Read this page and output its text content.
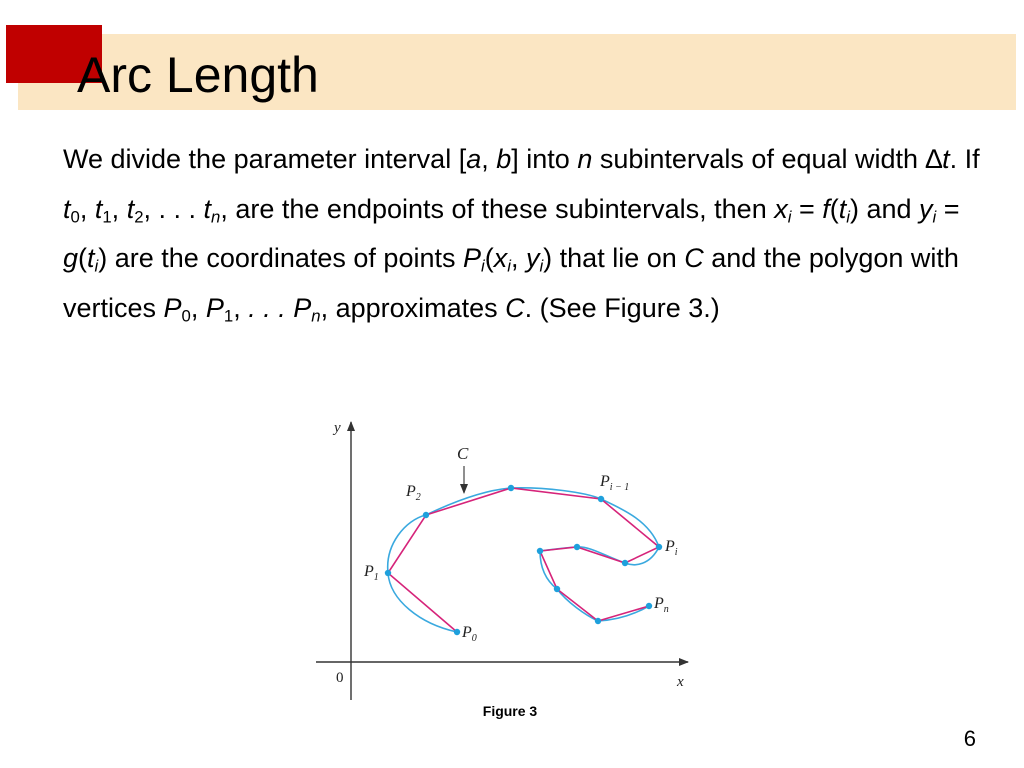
Arc Length

We divide the parameter interval [a, b] into n subintervals of equal width ∆t. If $t_0$, $t_1$, $t_2$, . . . $t_n$, are the endpoints of these subintervals, then $x_i = f(t_i)$ and $y_i = g(t_i)$ are the coordinates of points $P_i(x_i$, $y_i$) that lie on C and the polygon with vertices $P_0$, $P_1$, . . . $P_n$, approximates C. (See Figure 3.)

y
x
0
C
$P_0$
$P_1$
$P_2$
$P_i - 1$
$P_i$
$P_n$
Figure 3
6
